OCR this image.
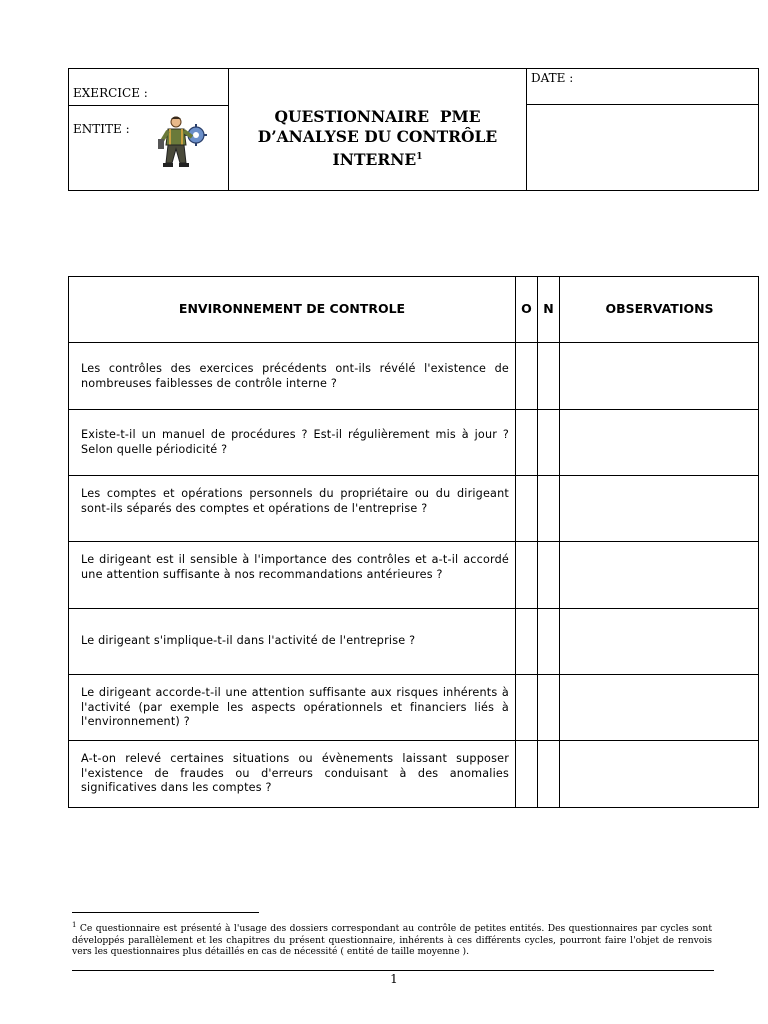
EXERCICE :
ENTITE :
DATE :
QUESTIONNAIRE  PME
D’ANALYSE DU CONTRÔLE
INTERNE$^1$
ENVIRONNEMENT DE CONTROLE	O N	OBSERVATIONS
Les contrôles des exercices précédents ont-ils révélé l'existence de nombreuses faiblesses de contrôle interne ?
Existe-t-il un manuel de procédures ? Est-il régulièrement mis à jour ? Selon quelle périodicité ?
Les comptes et opérations personnels du propriétaire ou du dirigeant sont-ils séparés des comptes et opérations de l'entreprise ?
Le dirigeant est il sensible à l'importance des contrôles et a-t-il accordé une attention suffisante à nos recommandations antérieures ?
Le dirigeant s'implique-t-il dans l'activité de l'entreprise ?
Le dirigeant accorde-t-il une attention suffisante aux risques inhérents à l'activité (par exemple les aspects opérationnels et financiers liés à l'environnement) ?
A-t-on relevé certaines situations ou évènements laissant supposer l'existence de fraudes ou d'erreurs conduisant à des anomalies significatives dans les comptes ?
$^1$ Ce questionnaire est présenté à l'usage des dossiers correspondant au contrôle de petites entités. Des questionnaires par cycles sont développés parallèlement et les chapitres du présent questionnaire, inhérents à ces différents cycles, pourront faire l'objet de renvois vers les questionnaires plus détaillés en cas de nécessité ( entité de taille moyenne ).
1
